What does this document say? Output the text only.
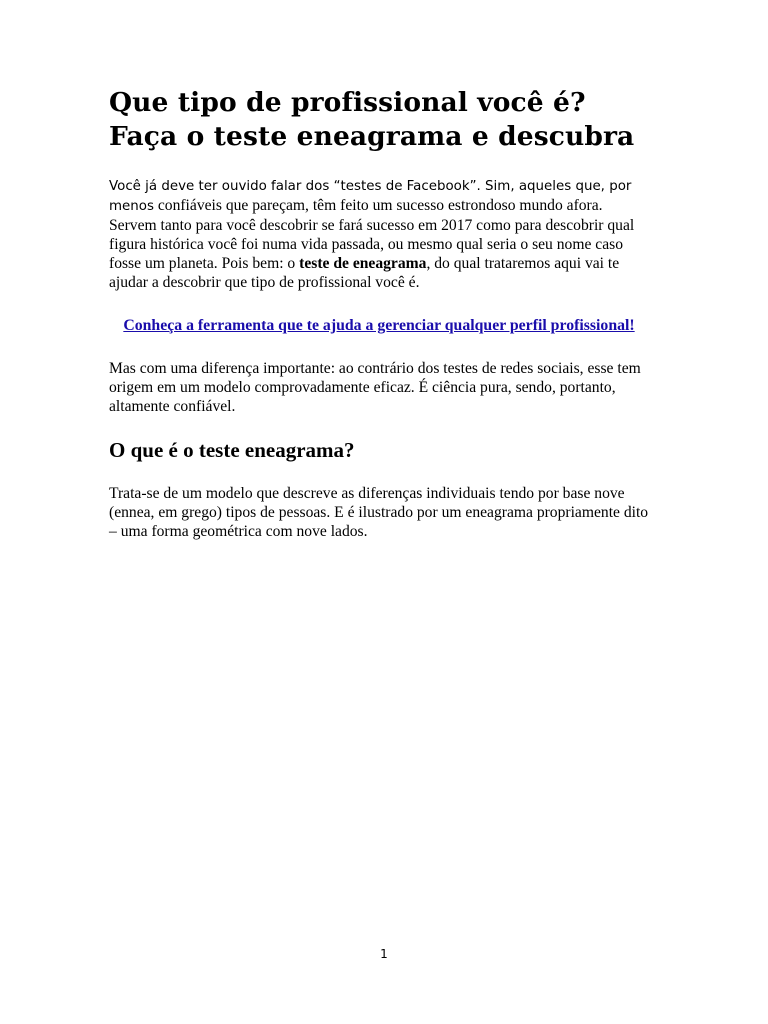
Que tipo de profissional você é? Faça o teste eneagrama e descubra

Você já deve ter ouvido falar dos “testes de Facebook”. Sim, aqueles que, por menos confiáveis que pareçam, têm feito um sucesso estrondoso mundo afora. Servem tanto para você descobrir se fará sucesso em 2017 como para descobrir qual figura histórica você foi numa vida passada, ou mesmo qual seria o seu nome caso fosse um planeta. Pois bem: o teste de eneagrama, do qual trataremos aqui vai te ajudar a descobrir que tipo de profissional você é.

Conheça a ferramenta que te ajuda a gerenciar qualquer perfil profissional!

Mas com uma diferença importante: ao contrário dos testes de redes sociais, esse tem origem em um modelo comprovadamente eficaz. É ciência pura, sendo, portanto, altamente confiável.

O que é o teste eneagrama?

Trata-se de um modelo que descreve as diferenças individuais tendo por base nove (ennea, em grego) tipos de pessoas. E é ilustrado por um eneagrama propriamente dito – uma forma geométrica com nove lados.

1
